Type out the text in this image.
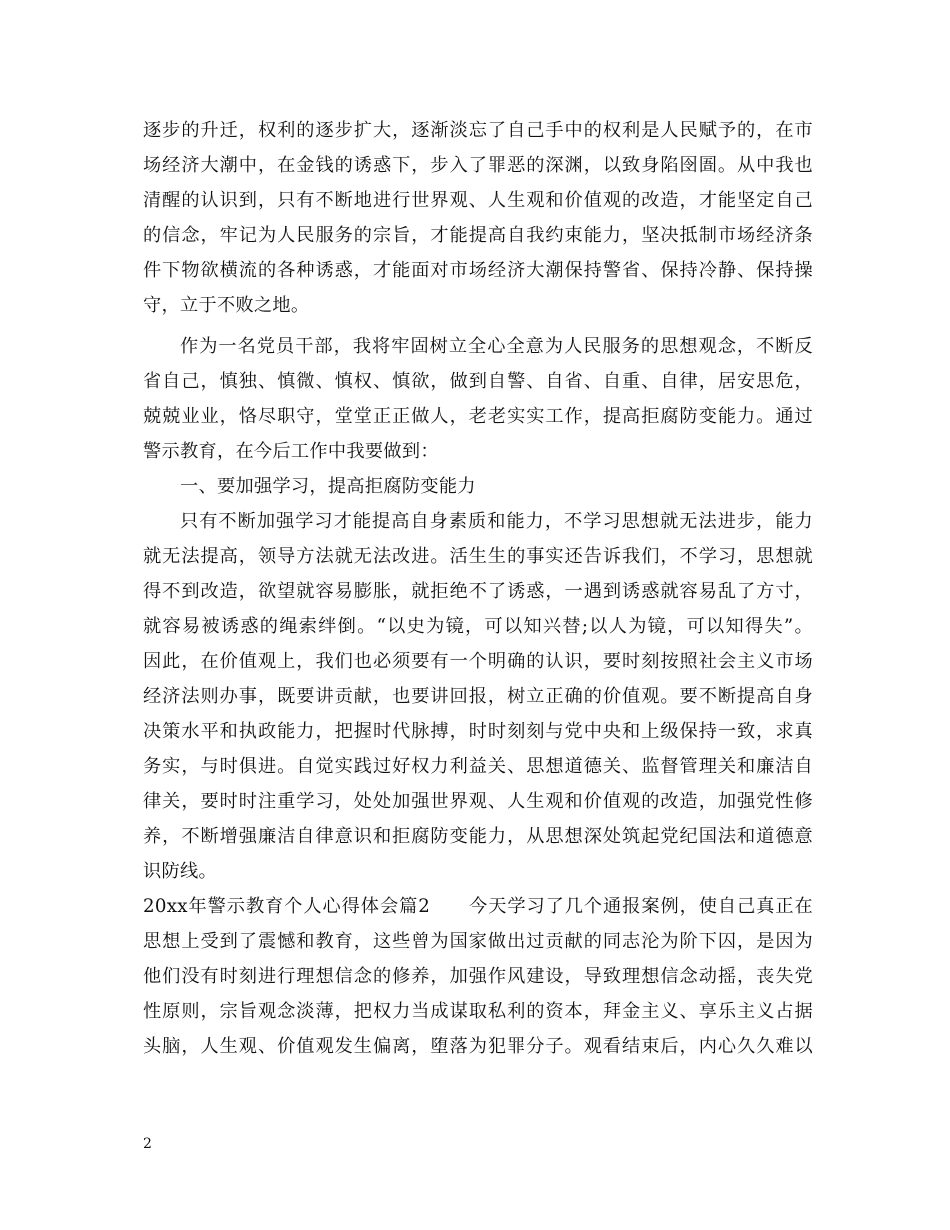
逐步的升迁，权利的逐步扩大，逐渐淡忘了自己手中的权利是人民赋予的，在市
场经济大潮中，在金钱的诱惑下，步入了罪恶的深渊，以致身陷囹圄。从中我也
清醒的认识到，只有不断地进行世界观、人生观和价值观的改造，才能坚定自己
的信念，牢记为人民服务的宗旨，才能提高自我约束能力，坚决抵制市场经济条
件下物欲横流的各种诱惑，才能面对市场经济大潮保持警省、保持冷静、保持操
守，立于不败之地。
作为一名党员干部，我将牢固树立全心全意为人民服务的思想观念，不断反
省自己，慎独、慎微、慎权、慎欲，做到自警、自省、自重、自律，居安思危，
兢兢业业，恪尽职守，堂堂正正做人，老老实实工作，提高拒腐防变能力。通过
警示教育，在今后工作中我要做到：
一、要加强学习，提高拒腐防变能力
只有不断加强学习才能提高自身素质和能力，不学习思想就无法进步，能力
就无法提高，领导方法就无法改进。活生生的事实还告诉我们，不学习，思想就
得不到改造，欲望就容易膨胀，就拒绝不了诱惑，一遇到诱惑就容易乱了方寸，
就容易被诱惑的绳索绊倒。“以史为镜，可以知兴替;以人为镜，可以知得失”。
因此，在价值观上，我们也必须要有一个明确的认识，要时刻按照社会主义市场
经济法则办事，既要讲贡献，也要讲回报，树立正确的价值观。要不断提高自身
决策水平和执政能力，把握时代脉搏，时时刻刻与党中央和上级保持一致，求真
务实，与时俱进。自觉实践过好权力利益关、思想道德关、监督管理关和廉洁自
律关，要时时注重学习，处处加强世界观、人生观和价值观的改造，加强党性修
养，不断增强廉洁自律意识和拒腐防变能力，从思想深处筑起党纪国法和道德意
识防线。
20xx年警示教育个人心得体会篇2　　今天学习了几个通报案例，使自己真正在
思想上受到了震憾和教育，这些曾为国家做出过贡献的同志沦为阶下囚，是因为
他们没有时刻进行理想信念的修养，加强作风建设，导致理想信念动摇，丧失党
性原则，宗旨观念淡薄，把权力当成谋取私利的资本，拜金主义、享乐主义占据
头脑，人生观、价值观发生偏离，堕落为犯罪分子。观看结束后，内心久久难以
2
